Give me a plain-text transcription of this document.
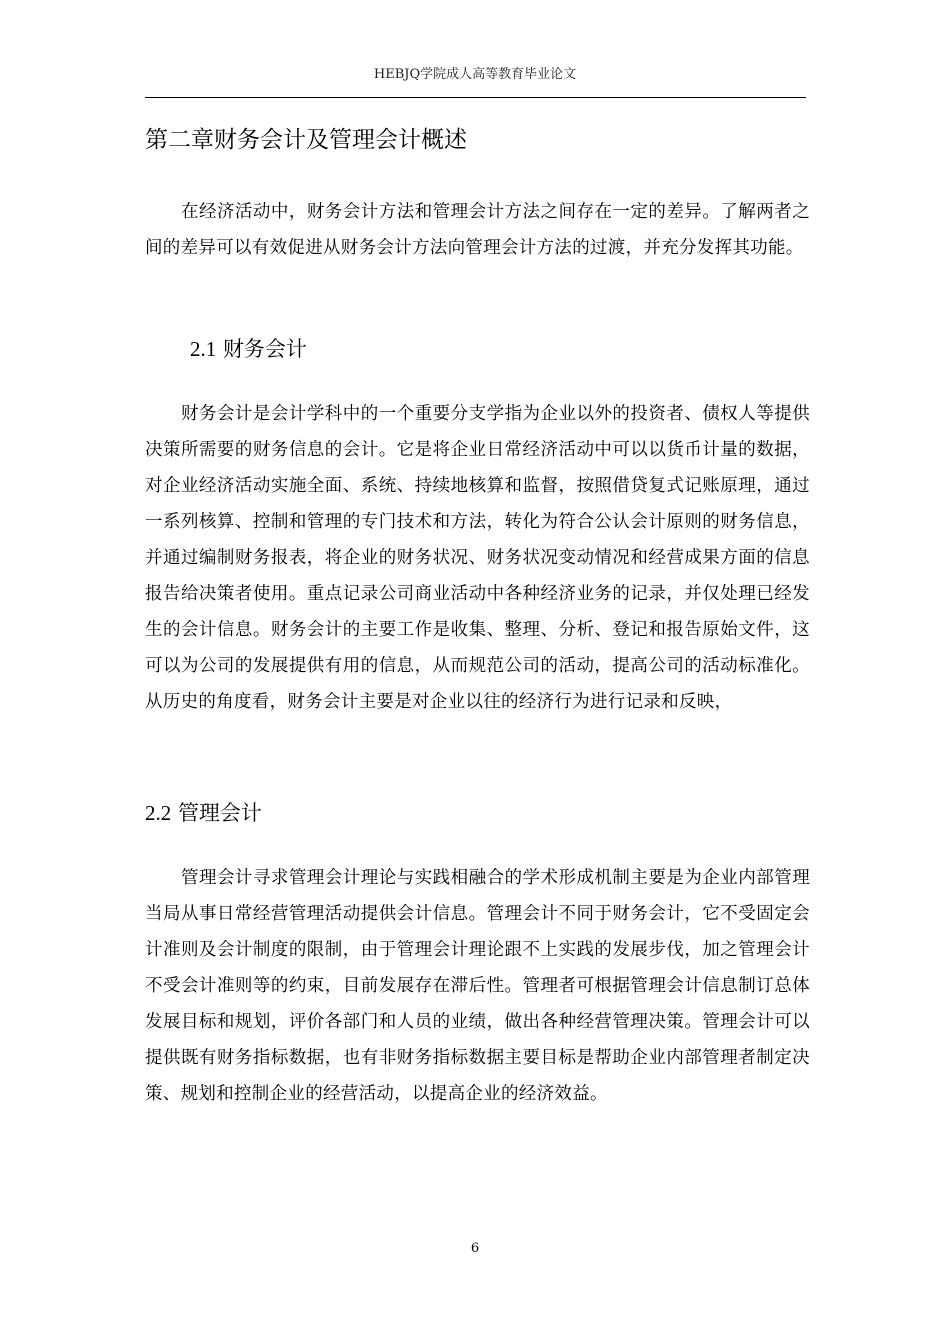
HEBJQ学院成人高等教育毕业论文
第二章财务会计及管理会计概述

在经济活动中，财务会计方法和管理会计方法之间存在一定的差异。了解两者之间的差异可以有效促进从财务会计方法向管理会计方法的过渡，并充分发挥其功能。

2.1 财务会计

财务会计是会计学科中的一个重要分支学指为企业以外的投资者、债权人等提供决策所需要的财务信息的会计。它是将企业日常经济活动中可以以货币计量的数据，对企业经济活动实施全面、系统、持续地核算和监督，按照借贷复式记账原理，通过一系列核算、控制和管理的专门技术和方法，转化为符合公认会计原则的财务信息，并通过编制财务报表，将企业的财务状况、财务状况变动情况和经营成果方面的信息报告给决策者使用。重点记录公司商业活动中各种经济业务的记录，并仅处理已经发生的会计信息。财务会计的主要工作是收集、整理、分析、登记和报告原始文件，这可以为公司的发展提供有用的信息，从而规范公司的活动，提高公司的活动标准化。从历史的角度看，财务会计主要是对企业以往的经济行为进行记录和反映，

2.2 管理会计

管理会计寻求管理会计理论与实践相融合的学术形成机制主要是为企业内部管理当局从事日常经营管理活动提供会计信息。管理会计不同于财务会计，它不受固定会计准则及会计制度的限制，由于管理会计理论跟不上实践的发展步伐，加之管理会计不受会计准则等的约束，目前发展存在滞后性。管理者可根据管理会计信息制订总体发展目标和规划，评价各部门和人员的业绩，做出各种经营管理决策。管理会计可以提供既有财务指标数据，也有非财务指标数据主要目标是帮助企业内部管理者制定决策、规划和控制企业的经营活动，以提高企业的经济效益。

6
